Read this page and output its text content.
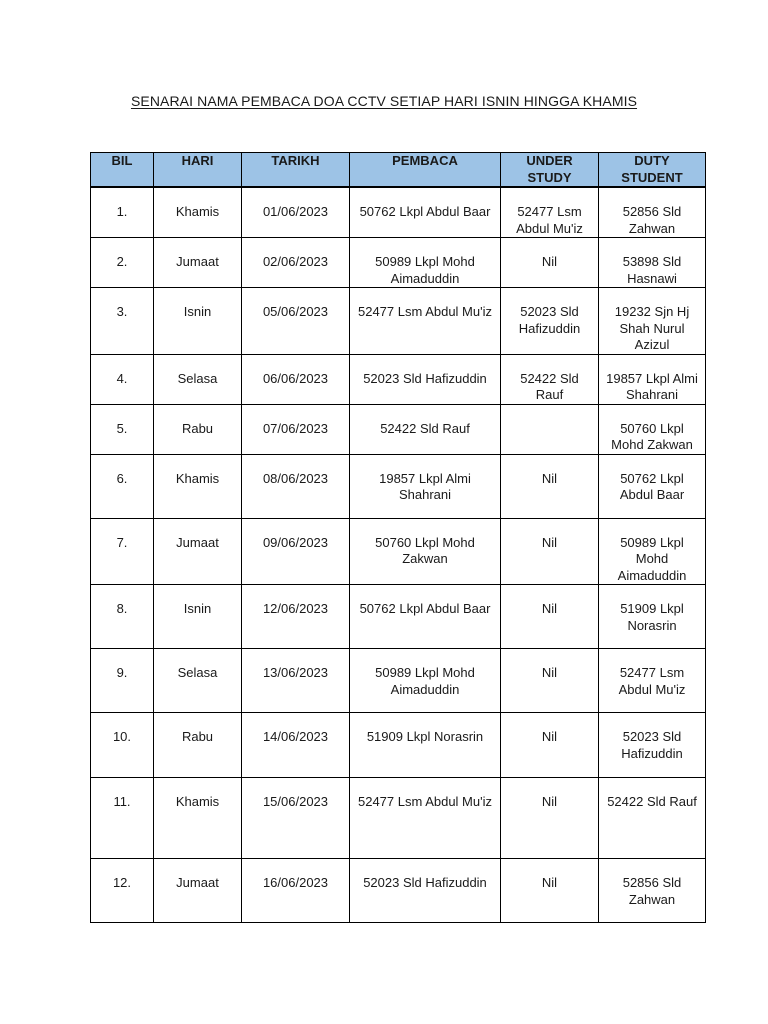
SENARAI NAMA PEMBACA DOA CCTV SETIAP HARI ISNIN HINGGA KHAMIS
BIL	HARI	TARIKH	PEMBACA	UNDER STUDY	DUTY STUDENT
1.	Khamis	01/06/2023	50762 Lkpl Abdul Baar	52477 Lsm Abdul Mu'iz	52856 Sld Zahwan
2.	Jumaat	02/06/2023	50989 Lkpl Mohd Aimaduddin	Nil	53898 Sld Hasnawi
3.	Isnin	05/06/2023	52477 Lsm Abdul Mu'iz	52023 Sld Hafizuddin	19232 Sjn Hj Shah Nurul Azizul
4.	Selasa	06/06/2023	52023 Sld Hafizuddin	52422 Sld Rauf	19857 Lkpl Almi Shahrani
5.	Rabu	07/06/2023	52422 Sld Rauf		50760 Lkpl Mohd Zakwan
6.	Khamis	08/06/2023	19857 Lkpl Almi Shahrani	Nil	50762 Lkpl Abdul Baar
7.	Jumaat	09/06/2023	50760 Lkpl Mohd Zakwan	Nil	50989 Lkpl Mohd Aimaduddin
8.	Isnin	12/06/2023	50762 Lkpl Abdul Baar	Nil	51909 Lkpl Norasrin
9.	Selasa	13/06/2023	50989 Lkpl Mohd Aimaduddin	Nil	52477 Lsm Abdul Mu'iz
10.	Rabu	14/06/2023	51909 Lkpl Norasrin	Nil	52023 Sld Hafizuddin
11.	Khamis	15/06/2023	52477 Lsm Abdul Mu'iz	Nil	52422 Sld Rauf
12.	Jumaat	16/06/2023	52023 Sld Hafizuddin	Nil	52856 Sld Zahwan
